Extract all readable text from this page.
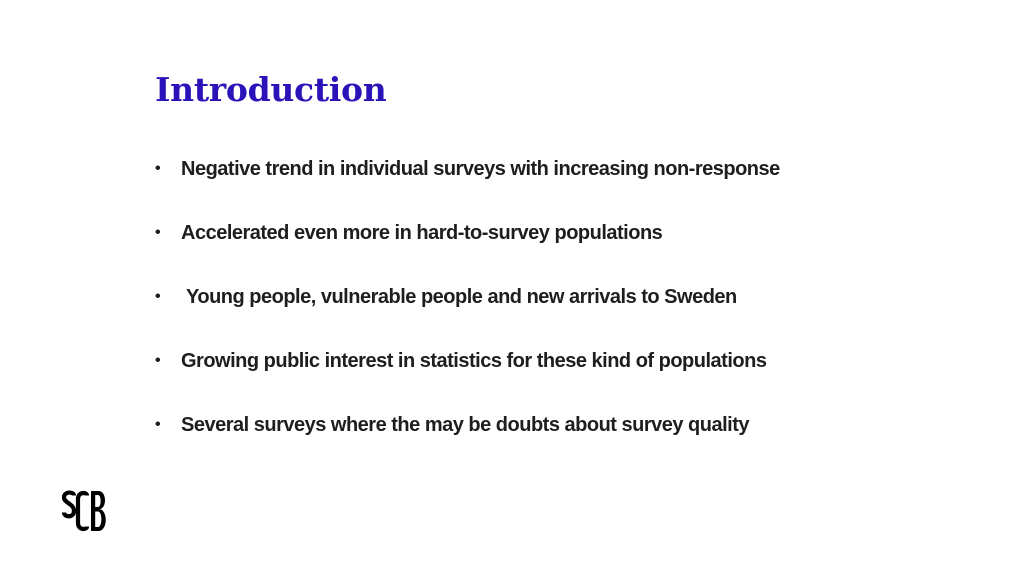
Introduction
• Negative trend in individual surveys with increasing non-response
• Accelerated even more in hard-to-survey populations
• Young people, vulnerable people and new arrivals to Sweden
• Growing public interest in statistics for these kind of populations
• Several surveys where the may be doubts about survey quality
